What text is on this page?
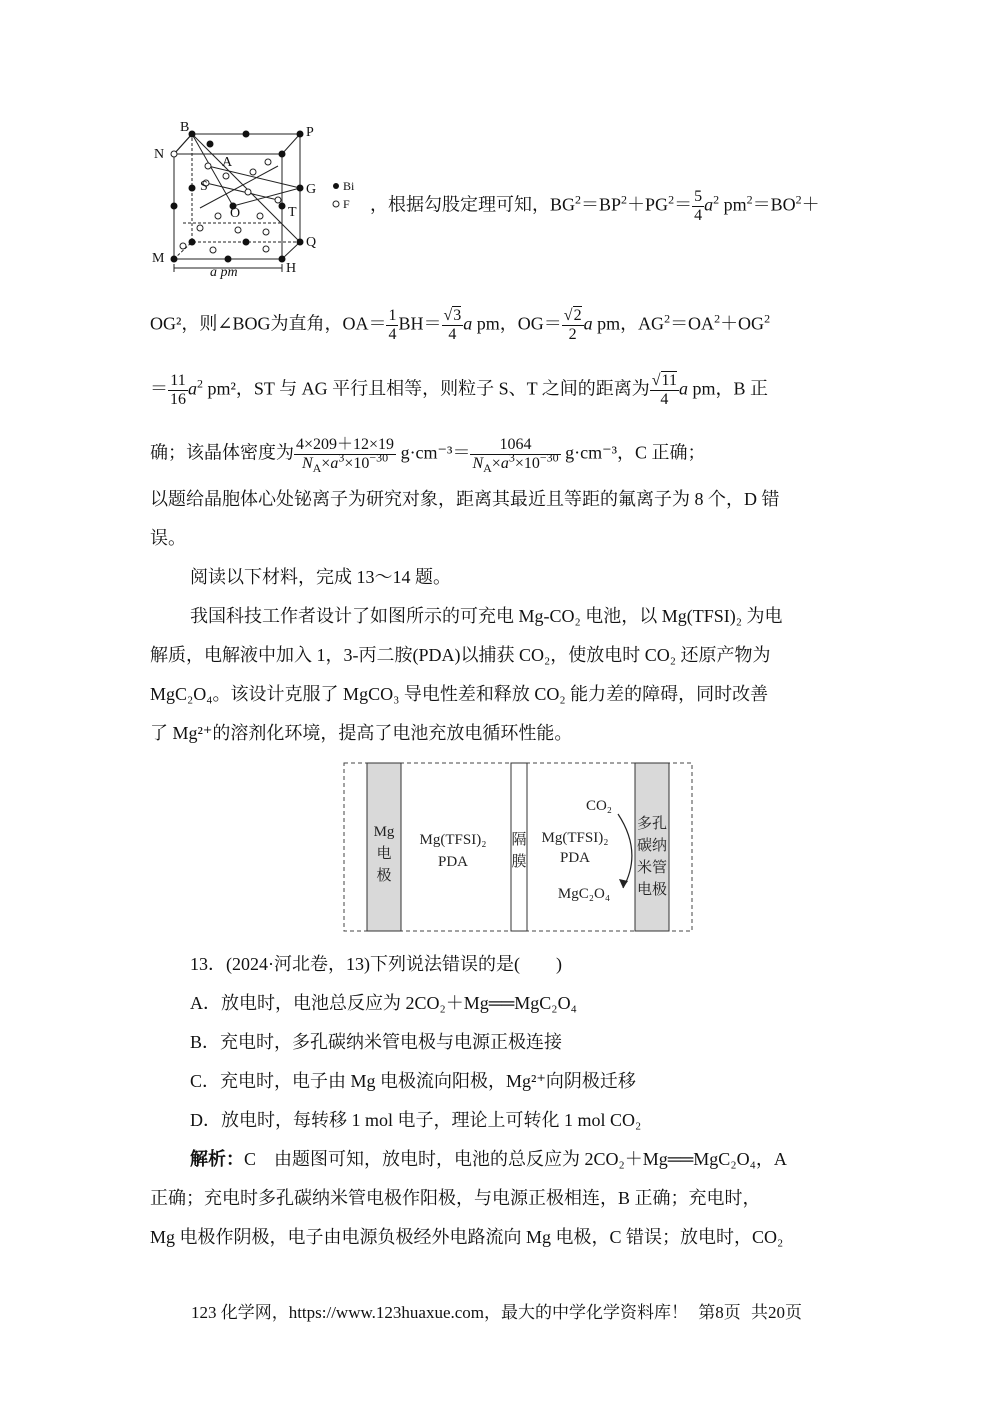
B	P
N
A
S	G
O	T
M
Q
H
Bi
F
a pm
，根据勾股定理可知，$BG^2=BP^2+PG^2= \frac{5}{4} a^2$ $pm^2=BO^2+$
OG²，则∠BOG为直角，$OA= \frac{1}{4} BH= \frac{√3}{4}$ a pm，$OG= \frac{√2}{2}$ a pm，$AG^2=OA^2+OG^2$
＝ $\frac{11}{16} a^2$ pm²，ST 与 AG 平行且相等，则粒子 S、T 之间的距离为 $\frac{√11}{4}$ a pm，B 正
确；该晶体密度为 $\frac{4\times 209+12\times 19}{N_A\times a^3\times 10^{-30}} g\cdot cm^{-3}= \frac{1064}{N_A\times a^3\times 10^{-30}} g\cdot cm^{-3}$，C 正确；
以题给晶胞体心处铋离子为研究对象，距离其最近且等距的氟离子为 8 个，D 错
误。
阅读以下材料，完成 13～14 题。
我国科技工作者设计了如图所示的可充电 Mg-CO₂ 电池，以 Mg(TFSI)₂ 为电
解质，电解液中加入 1，3-丙二胺(PDA)以捕获 CO₂，使放电时 CO₂ 还原产物为
MgC₂O₄。该设计克服了 MgCO₃ 导电性差和释放 CO₂ 能力差的障碍，同时改善
了 Mg²⁺的溶剂化环境，提高了电池充放电循环性能。
Mg
电
极
Mg(TFSI)₂
PDA
隔
膜
Mg(TFSI)₂
PDA
CO₂
MgC₂O₄
多孔
碳纳
米管
电极
13．(2024·河北卷，13)下列说法错误的是(　　)
A．放电时，电池总反应为 2CO₂＋Mg══MgC₂O₄
B．充电时，多孔碳纳米管电极与电源正极连接
C．充电时，电子由 Mg 电极流向阳极，Mg²⁺向阴极迁移
D．放电时，每转移 1 mol 电子，理论上可转化 1 mol CO₂
解析：C　 由题图可知，放电时，电池的总反应为 2CO₂＋Mg══MgC₂O₄，A
正确；充电时多孔碳纳米管电极作阳极，与电源正极相连，B 正确；充电时，
Mg 电极作阴极，电子由电源负极经外电路流向 Mg 电极，C 错误；放电时，CO₂
123 化学网，https://www.123huaxue.com，最大的中学化学资料库！ 第8页 共20页
